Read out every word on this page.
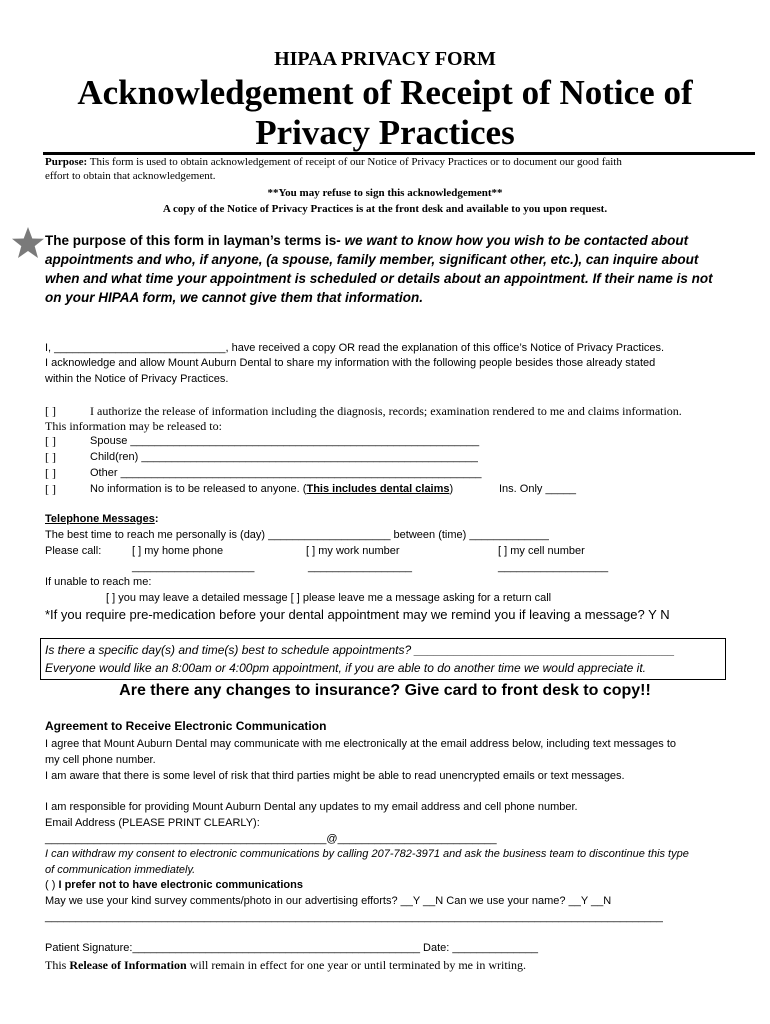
HIPAA PRIVACY FORM
Acknowledgement of Receipt of Notice of
Privacy Practices
Purpose: This form is used to obtain acknowledgement of receipt of our Notice of Privacy Practices or to document our good faith
effort to obtain that acknowledgement.
**You may refuse to sign this acknowledgement**
A copy of the Notice of Privacy Practices is at the front desk and available to you upon request.
The purpose of this form in layman’s terms is- we want to know how you wish to be contacted about
appointments and who, if anyone, (a spouse, family member, significant other, etc.), can inquire about
when and what time your appointment is scheduled or details about an appointment. If their name is not
on your HIPAA form, we cannot give them that information.
I, ____________________________, have received a copy OR read the explanation of this office’s Notice of Privacy Practices.
I acknowledge and allow Mount Auburn Dental to share my information with the following people besides those already stated
within the Notice of Privacy Practices.
[ ]	I authorize the release of information including the diagnosis, records; examination rendered to me and claims information.
This information may be released to:
[ ]	Spouse _________________________________________________________
[ ]	Child(ren) _______________________________________________________
[ ]	Other ___________________________________________________________
[ ]	No information is to be released to anyone. (This includes dental claims)	Ins. Only _____
Telephone Messages:
The best time to reach me personally is (day) ____________________ between (time) _____________
Please call:	[ ] my home phone	[ ] my work number	[ ] my cell number
____________________	_________________	__________________
If unable to reach me:
[ ] you may leave a detailed message [ ] please leave me a message asking for a return call
*If you require pre-medication before your dental appointment may we remind you if leaving a message? Y N
Is there a specific day(s) and time(s) best to schedule appointments? _______________________________________
Everyone would like an 8:00am or 4:00pm appointment, if you are able to do another time we would appreciate it.
Are there any changes to insurance? Give card to front desk to copy!!
Agreement to Receive Electronic Communication
I agree that Mount Auburn Dental may communicate with me electronically at the email address below, including text messages to
my cell phone number.
I am aware that there is some level of risk that third parties might be able to read unencrypted emails or text messages.
I am responsible for providing Mount Auburn Dental any updates to my email address and cell phone number.
Email Address (PLEASE PRINT CLEARLY):
______________________________________________@__________________________
I can withdraw my consent to electronic communications by calling 207-782-3971 and ask the business team to discontinue this type
of communication immediately.
( ) I prefer not to have electronic communications
May we use your kind survey comments/photo in our advertising efforts? __Y __N Can we use your name? __Y __N
_____________________________________________________________________________________________________
Patient Signature:_______________________________________________ Date: ______________
This Release of Information will remain in effect for one year or until terminated by me in writing.
